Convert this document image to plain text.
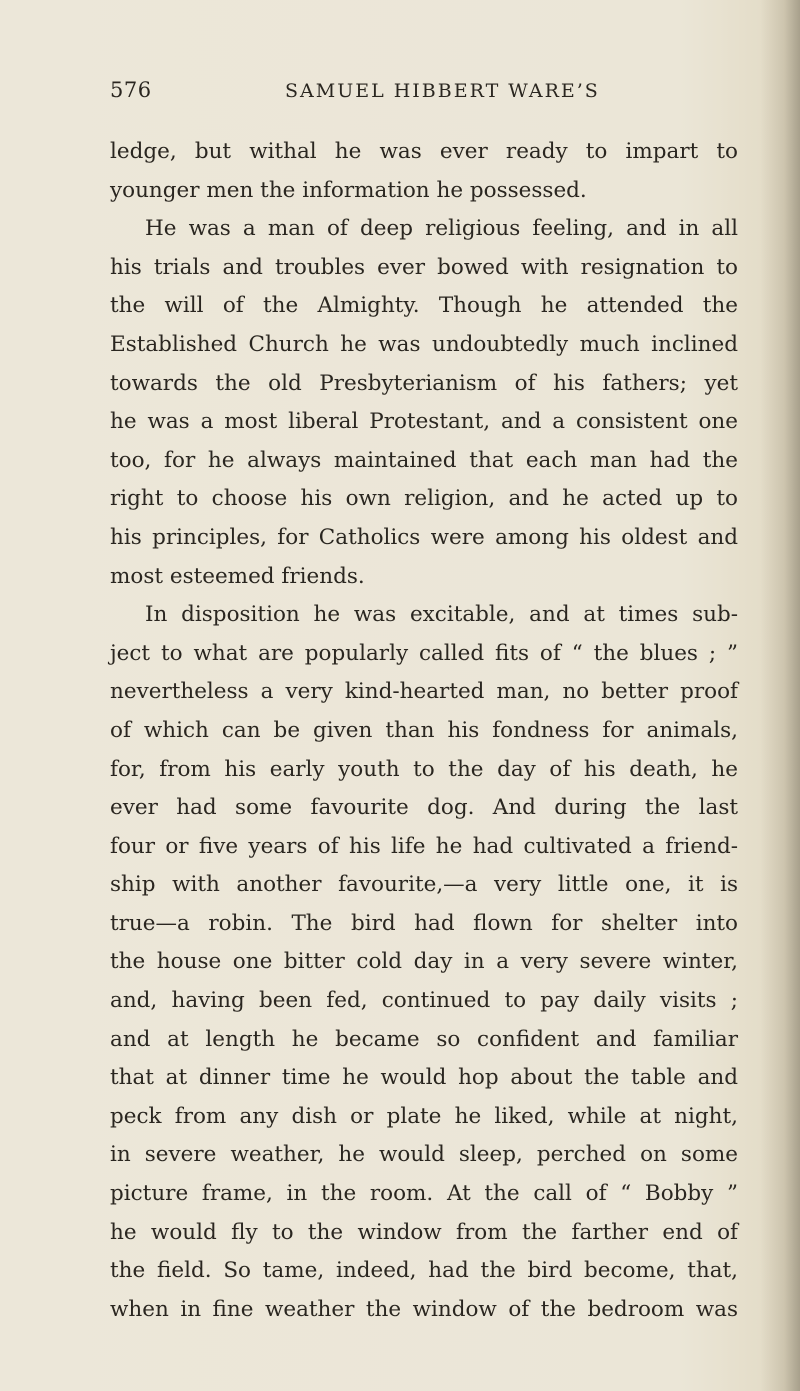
576	SAMUEL HIBBERT WARE’S
ledge, but withal he was ever ready to impart to
younger men the information he possessed.
He was a man of deep religious feeling, and in all
his trials and troubles ever bowed with resignation to
the will of the Almighty. Though he attended the
Established Church he was undoubtedly much inclined
towards the old Presbyterianism of his fathers; yet
he was a most liberal Protestant, and a consistent one
too, for he always maintained that each man had the
right to choose his own religion, and he acted up to
his principles, for Catholics were among his oldest and
most esteemed friends.
In disposition he was excitable, and at times sub-
ject to what are popularly called fits of “ the blues ; ”
nevertheless a very kind-hearted man, no better proof
of which can be given than his fondness for animals,
for, from his early youth to the day of his death, he
ever had some favourite dog. And during the last
four or five years of his life he had cultivated a friend-
ship with another favourite,—a very little one, it is
true—a robin. The bird had flown for shelter into
the house one bitter cold day in a very severe winter,
and, having been fed, continued to pay daily visits ;
and at length he became so confident and familiar
that at dinner time he would hop about the table and
peck from any dish or plate he liked, while at night,
in severe weather, he would sleep, perched on some
picture frame, in the room. At the call of “ Bobby ”
he would fly to the window from the farther end of
the field. So tame, indeed, had the bird become, that,
when in fine weather the window of the bedroom was
